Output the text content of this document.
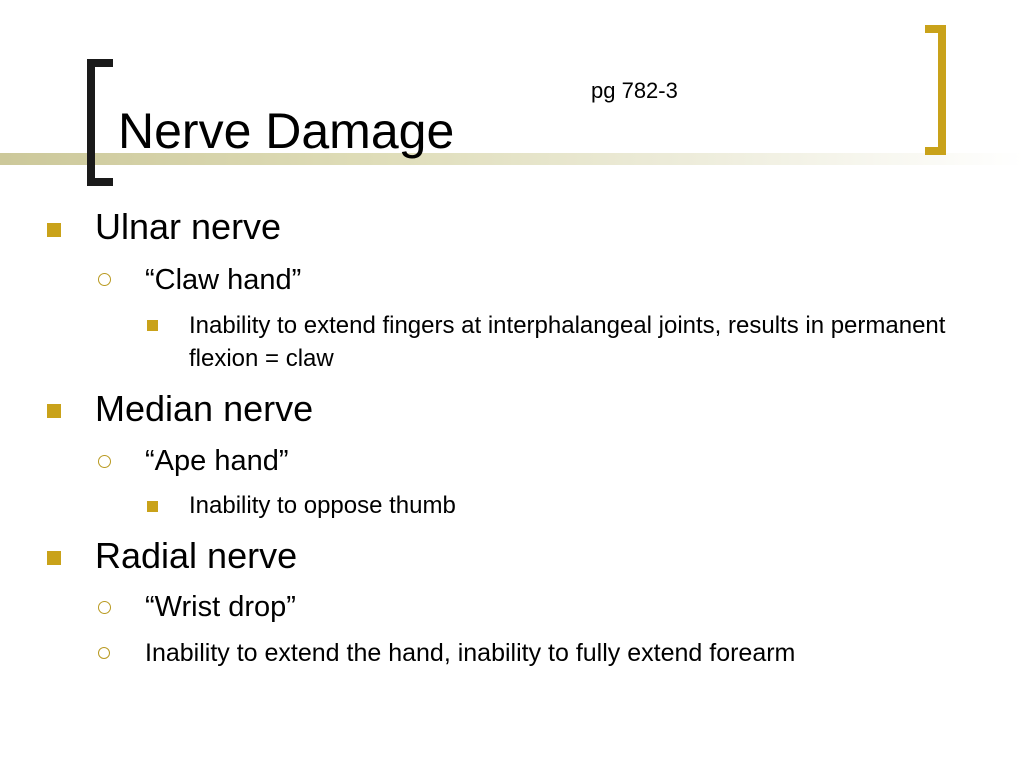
Nerve Damage
pg 782-3
Ulnar nerve
“Claw hand”
Inability to extend fingers at interphalangeal joints, results in permanent flexion = claw
Median nerve
“Ape hand”
Inability to oppose thumb
Radial nerve
“Wrist drop”
Inability to extend the hand, inability to fully extend forearm
